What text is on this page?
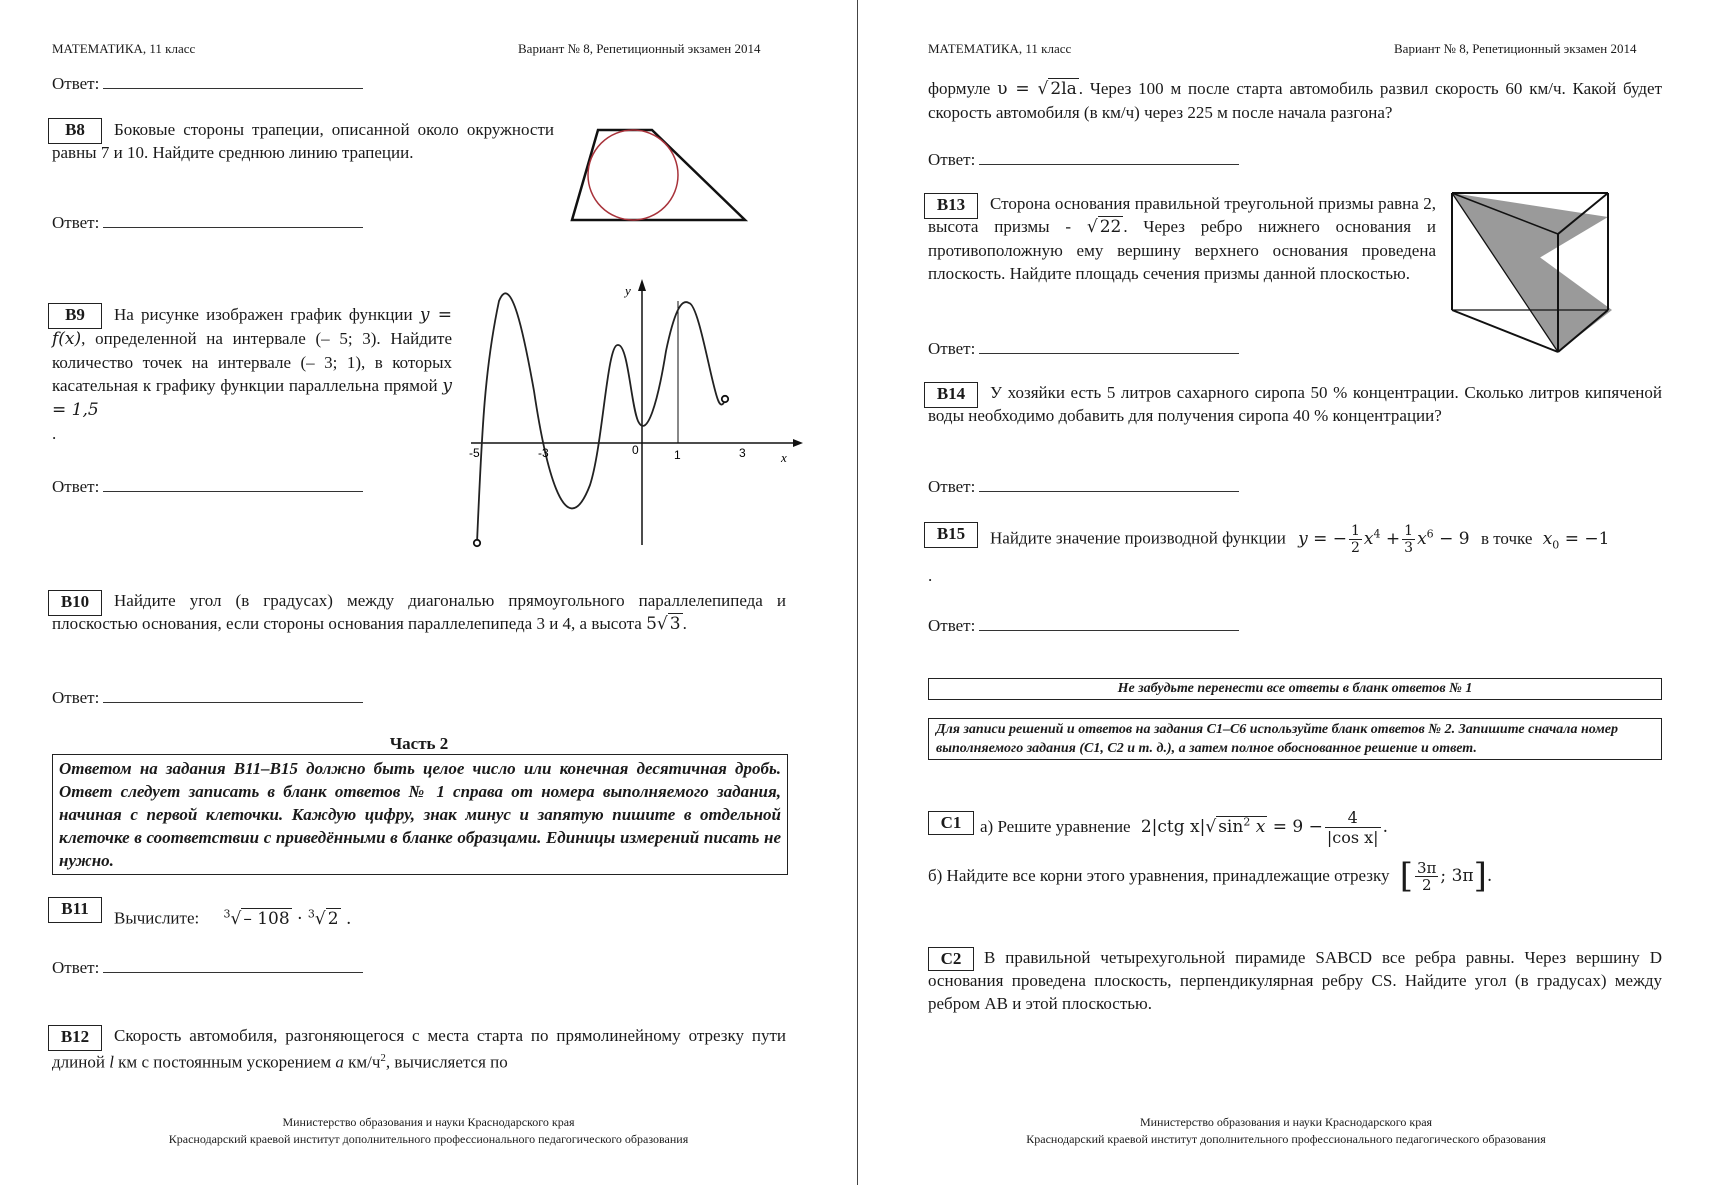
МАТЕМАТИКА, 11 класс	Вариант № 8, Репетиционный экзамен 2014
Ответ:
B8	Боковые стороны трапеции, описанной около окружности равны 7 и 10. Найдите среднюю линию трапеции.
Ответ:
B9	На рисунке изображен график функции y = f(x), определенной на интервале (– 5; 3). Найдите количество точек на интервале (– 3; 1), в которых касательная к графику функции параллельна прямой y = 1,5
.
-5	-3	0	1	3
y
x
Ответ:
B10	Найдите угол (в градусах) между диагональю прямоугольного параллелепипеда и плоскостью основания, если стороны основания параллелепипеда 3 и 4, а высота 5√ 3 .
Ответ:
Часть 2
Ответом на задания В11–В15 должно быть целое число или конечная десятичная дробь. Ответ следует записать в бланк ответов № 1 справа от номера выполняемого задания, начиная с первой клеточки. Каждую цифру, знак минус и запятую пишите в отдельной клеточке в соответствии с приведёнными в бланке образцами. Единицы измерений писать не нужно.
B11
Вычислите: $^3$√ – 108 · $^3$√ 2 .
Ответ:
B12	Скорость автомобиля, разгоняющегося с места старта по прямолинейному отрезку пути длиной l км с постоянным ускорением a $км/ч^2$, вычисляется по
Министерство образования и науки Краснодарского края
Краснодарский краевой институт дополнительного профессионального педагогического образования
МАТЕМАТИКА, 11 класс	Вариант № 8, Репетиционный экзамен 2014
формуле υ = √ 2la . Через 100 м после старта автомобиль развил скорость 60 км/ч. Какой будет скорость автомобиля (в км/ч) через 225 м после начала разгона?
Ответ:
B13	Сторона основания правильной треугольной призмы равна 2, высота призмы - √ 22 . Через ребро нижнего основания и противоположную ему вершину верхнего основания проведена плоскость. Найдите площадь сечения призмы данной плоскостью.
Ответ:
B14	У хозяйки есть 5 литров сахарного сиропа 50 % концентрации. Сколько литров кипяченой воды необходимо добавить для получения сиропа 40 % концентрации?
Ответ:
B15	Найдите значение производной функции y = − $\frac{1}{2} x^4 + \frac{1}{3} x^6 - 9$ в точке $x_0 = -1$
.
Ответ:
Не забудьте перенести все ответы в бланк ответов № 1
Для записи решений и ответов на задания С1–С6 используйте бланк ответов № 2. Запишите сначала номер выполняемого задания (С1, С2 и т. д.), а затем полное обоснованное решение и ответ.
C1	а) Решите уравнение 2|ctg x|√ $\sin^2 x = 9 - \frac{4}{\text{|cos x|}}$ .
б) Найдите все корни этого уравнения, принадлежащие отрезку [ $\frac{3\pi}{2}$ ; 3π].
C2	В правильной четырехугольной пирамиде SABCD все ребра равны. Через вершину D основания проведена плоскость, перпендикулярная ребру CS. Найдите угол (в градусах) между ребром AB и этой плоскостью.
Министерство образования и науки Краснодарского края
Краснодарский краевой институт дополнительного профессионального педагогического образования
